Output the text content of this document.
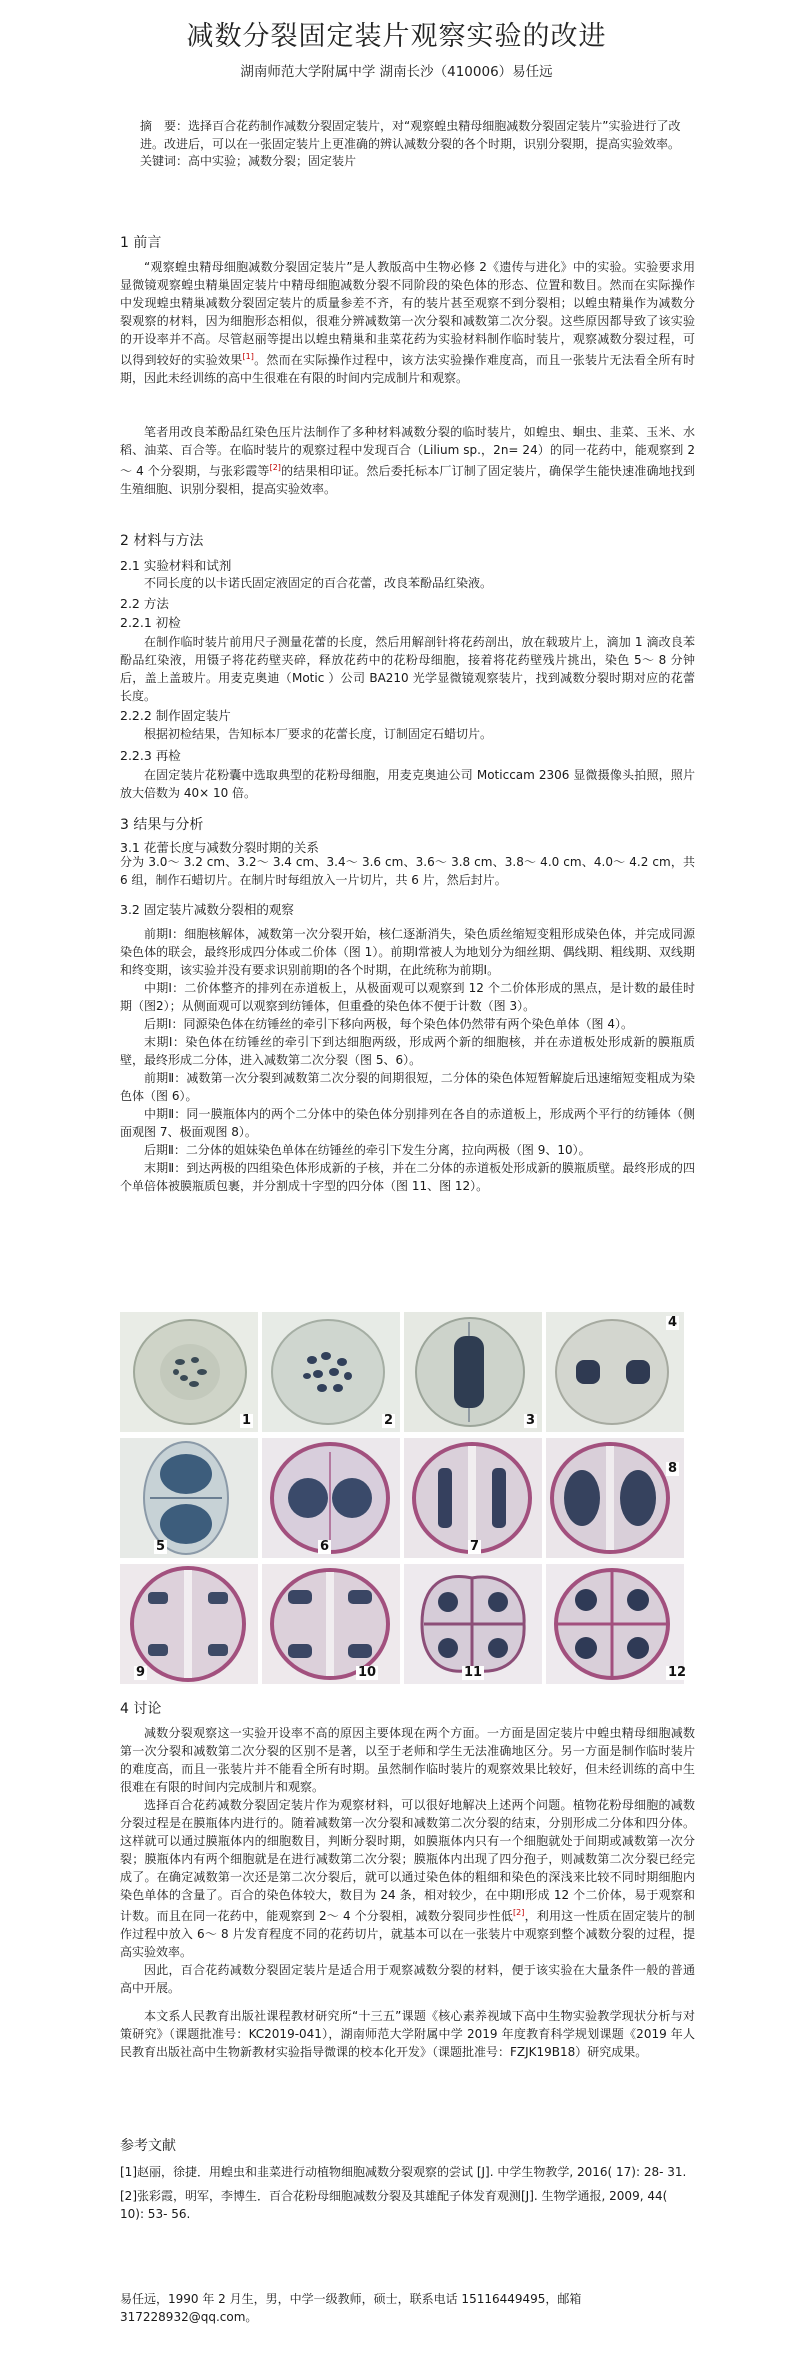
减数分裂固定装片观察实验的改进
湖南师范大学附属中学 湖南长沙（410006）易任远

摘　要：选择百合花药制作减数分裂固定装片，对“观察蝗虫精母细胞减数分裂固定装片”实验进行了改进。改进后，可以在一张固定装片上更准确的辨认减数分裂的各个时期，识别分裂期，提高实验效率。

关键词：高中实验；减数分裂；固定装片

1 前言

“观察蝗虫精母细胞减数分裂固定装片”是人教版高中生物必修 2《遗传与进化》中的实验。实验要求用显微镜观察蝗虫精巢固定装片中精母细胞减数分裂不同阶段的染色体的形态、位置和数目。然而在实际操作中发现蝗虫精巢减数分裂固定装片的质量参差不齐，有的装片甚至观察不到分裂相；以蝗虫精巢作为减数分裂观察的材料，因为细胞形态相似，很难分辨减数第一次分裂和减数第二次分裂。这些原因都导致了该实验的开设率并不高。尽管赵丽等提出以蝗虫精巢和韭菜花药为实验材料制作临时装片，观察减数分裂过程，可以得到较好的实验效果[1]。然而在实际操作过程中，该方法实验操作难度高，而且一张装片无法看全所有时期，因此未经训练的高中生很难在有限的时间内完成制片和观察。

笔者用改良苯酚品红染色压片法制作了多种材料减数分裂的临时装片，如蝗虫、蛔虫、韭菜、玉米、水稻、油菜、百合等。在临时装片的观察过程中发现百合（Lilium sp.，2n= 24）的同一花药中，能观察到 2～ 4 个分裂期，与张彩霞等[2]的结果相印证。然后委托标本厂订制了固定装片，确保学生能快速准确地找到生殖细胞、识别分裂相，提高实验效率。

2 材料与方法
2.1 实验材料和试剂

不同长度的以卡诺氏固定液固定的百合花蕾，改良苯酚品红染液。

2.2 方法
2.2.1 初检

在制作临时装片前用尺子测量花蕾的长度，然后用解剖针将花药剖出，放在载玻片上，滴加 1 滴改良苯酚品红染液，用镊子将花药壁夹碎，释放花药中的花粉母细胞，接着将花药壁残片挑出，染色 5～ 8 分钟后，盖上盖玻片。用麦克奥迪（Motic ）公司 BA210 光学显微镜观察装片，找到减数分裂时期对应的花蕾长度。

2.2.2 制作固定装片

根据初检结果，告知标本厂要求的花蕾长度，订制固定石蜡切片。

2.2.3 再检

在固定装片花粉囊中选取典型的花粉母细胞，用麦克奥迪公司 Moticcam 2306 显微摄像头拍照，照片放大倍数为 40× 10 倍。

3 结果与分析
3.1 花蕾长度与减数分裂时期的关系

分为 3.0～ 3.2 cm、3.2～ 3.4 cm、3.4～ 3.6 cm、3.6～ 3.8 cm、3.8～ 4.0 cm、4.0～ 4.2 cm，共 6 组，制作石蜡切片。在制片时每组放入一片切片，共 6 片，然后封片。

3.2 固定装片减数分裂相的观察

前期Ⅰ：细胞核解体，减数第一次分裂开始，核仁逐渐消失，染色质丝缩短变粗形成染色体，并完成同源染色体的联会，最终形成四分体或二价体（图 1）。前期Ⅰ常被人为地划分为细丝期、偶线期、粗线期、双线期和终变期，该实验并没有要求识别前期Ⅰ的各个时期，在此统称为前期Ⅰ。

中期Ⅰ：二价体整齐的排列在赤道板上，从极面观可以观察到 12 个二价体形成的黑点，是计数的最佳时期（图2）；从侧面观可以观察到纺锤体，但重叠的染色体不便于计数（图 3）。

后期Ⅰ：同源染色体在纺锤丝的牵引下移向两极，每个染色体仍然带有两个染色单体（图 4）。

末期Ⅰ：染色体在纺锤丝的牵引下到达细胞两级，形成两个新的细胞核，并在赤道板处形成新的膜瓶质壁，最终形成二分体，进入减数第二次分裂（图 5、6）。

前期Ⅱ：减数第一次分裂到减数第二次分裂的间期很短，二分体的染色体短暂解旋后迅速缩短变粗成为染色体（图 6）。

中期Ⅱ：同一膜瓶体内的两个二分体中的染色体分别排列在各自的赤道板上，形成两个平行的纺锤体（侧面观图 7、极面观图 8）。

后期Ⅱ：二分体的姐妹染色单体在纺锤丝的牵引下发生分离，拉向两极（图 9、10）。

末期Ⅱ：到达两极的四组染色体形成新的子核，并在二分体的赤道板处形成新的膜瓶质壁。最终形成的四个单倍体被膜瓶质包裹，并分割成十字型的四分体（图 11、图 12）。

1	2	3
4
5	6	7
8
9	10	11	12
4 讨论

减数分裂观察这一实验开设率不高的原因主要体现在两个方面。一方面是固定装片中蝗虫精母细胞减数第一次分裂和减数第二次分裂的区别不是著，以至于老师和学生无法准确地区分。另一方面是制作临时装片的难度高，而且一张装片并不能看全所有时期。虽然制作临时装片的观察效果比较好，但未经训练的高中生很难在有限的时间内完成制片和观察。

选择百合花药减数分裂固定装片作为观察材料，可以很好地解决上述两个问题。植物花粉母细胞的减数分裂过程是在膜瓶体内进行的。随着减数第一次分裂和减数第二次分裂的结束，分别形成二分体和四分体。这样就可以通过膜瓶体内的细胞数目，判断分裂时期，如膜瓶体内只有一个细胞就处于间期或减数第一次分裂；膜瓶体内有两个细胞就是在进行减数第二次分裂；膜瓶体内出现了四分孢子，则减数第二次分裂已经完成了。在确定减数第一次还是第二次分裂后，就可以通过染色体的粗细和染色的深浅来比较不同时期细胞内染色单体的含量了。百合的染色体较大，数目为 24 条，相对较少，在中期Ⅰ形成 12 个二价体，易于观察和计数。而且在同一花药中，能观察到 2～ 4 个分裂相，减数分裂同步性低[2]，利用这一性质在固定装片的制作过程中放入 6～ 8 片发育程度不同的花药切片，就基本可以在一张装片中观察到整个减数分裂的过程，提高实验效率。

因此，百合花药减数分裂固定装片是适合用于观察减数分裂的材料，便于该实验在大量条件一般的普通高中开展。

本文系人民教育出版社课程教材研究所“十三五”课题《核心素养视域下高中生物实验教学现状分析与对策研究》（课题批准号：KC2019-041），湖南师范大学附属中学 2019 年度教育科学规划课题《2019 年人民教育出版社高中生物新教材实验指导微课的校本化开发》（课题批准号：FZJK19B18）研究成果。

参考文献

[1]赵丽，徐捷．用蝗虫和韭菜进行动植物细胞减数分裂观察的尝试 [J]. 中学生物教学, 2016( 17): 28- 31.

[2]张彩霞，明军，李博生．百合花粉母细胞减数分裂及其雄配子体发育观测[J]. 生物学通报, 2009, 44( 10): 53- 56.

易任远，1990 年 2 月生，男，中学一级教师，硕士，联系电话 15116449495，邮箱 317228932@qq.com。
